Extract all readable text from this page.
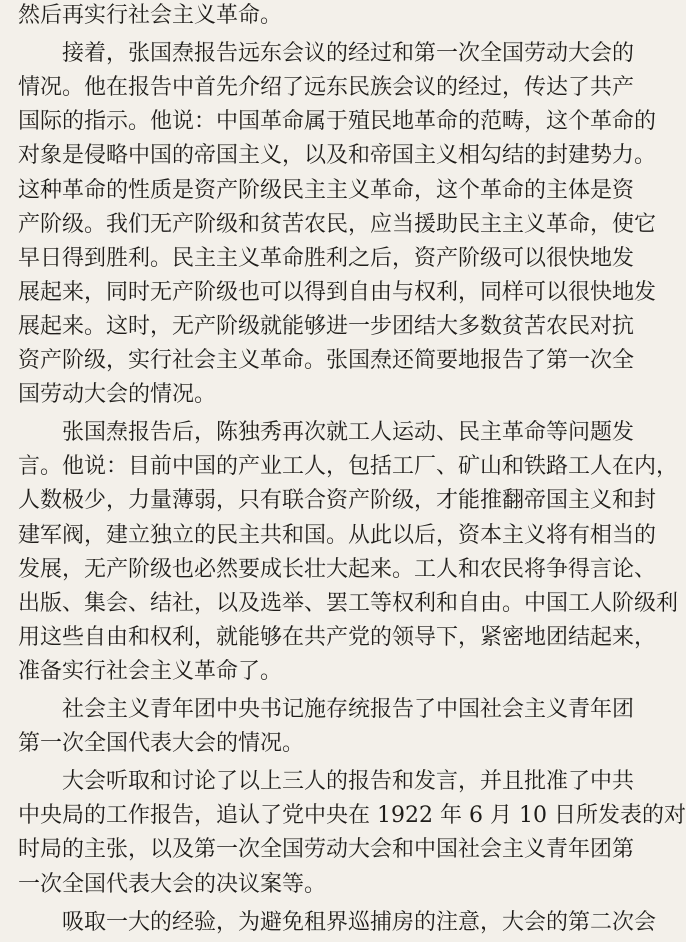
然后再实行社会主义革命。
接着，张国焘报告远东会议的经过和第一次全国劳动大会的
情况。他在报告中首先介绍了远东民族会议的经过，传达了共产
国际的指示。他说：中国革命属于殖民地革命的范畴，这个革命的
对象是侵略中国的帝国主义，以及和帝国主义相勾结的封建势力。
这种革命的性质是资产阶级民主主义革命，这个革命的主体是资
产阶级。我们无产阶级和贫苦农民，应当援助民主主义革命，使它
早日得到胜利。民主主义革命胜利之后，资产阶级可以很快地发
展起来，同时无产阶级也可以得到自由与权利，同样可以很快地发
展起来。这时，无产阶级就能够进一步团结大多数贫苦农民对抗
资产阶级，实行社会主义革命。张国焘还简要地报告了第一次全
国劳动大会的情况。
张国焘报告后，陈独秀再次就工人运动、民主革命等问题发
言。他说：目前中国的产业工人，包括工厂、矿山和铁路工人在内，
人数极少，力量薄弱，只有联合资产阶级，才能推翻帝国主义和封
建军阀，建立独立的民主共和国。从此以后，资本主义将有相当的
发展，无产阶级也必然要成长壮大起来。工人和农民将争得言论、
出版、集会、结社，以及选举、罢工等权利和自由。中国工人阶级利
用这些自由和权利，就能够在共产党的领导下，紧密地团结起来，
准备实行社会主义革命了。
社会主义青年团中央书记施存统报告了中国社会主义青年团
第一次全国代表大会的情况。
大会听取和讨论了以上三人的报告和发言，并且批准了中共
中央局的工作报告，追认了党中央在 1922 年 6 月 10 日所发表的对
时局的主张，以及第一次全国劳动大会和中国社会主义青年团第
一次全国代表大会的决议案等。
吸取一大的经验，为避免租界巡捕房的注意，大会的第二次会
